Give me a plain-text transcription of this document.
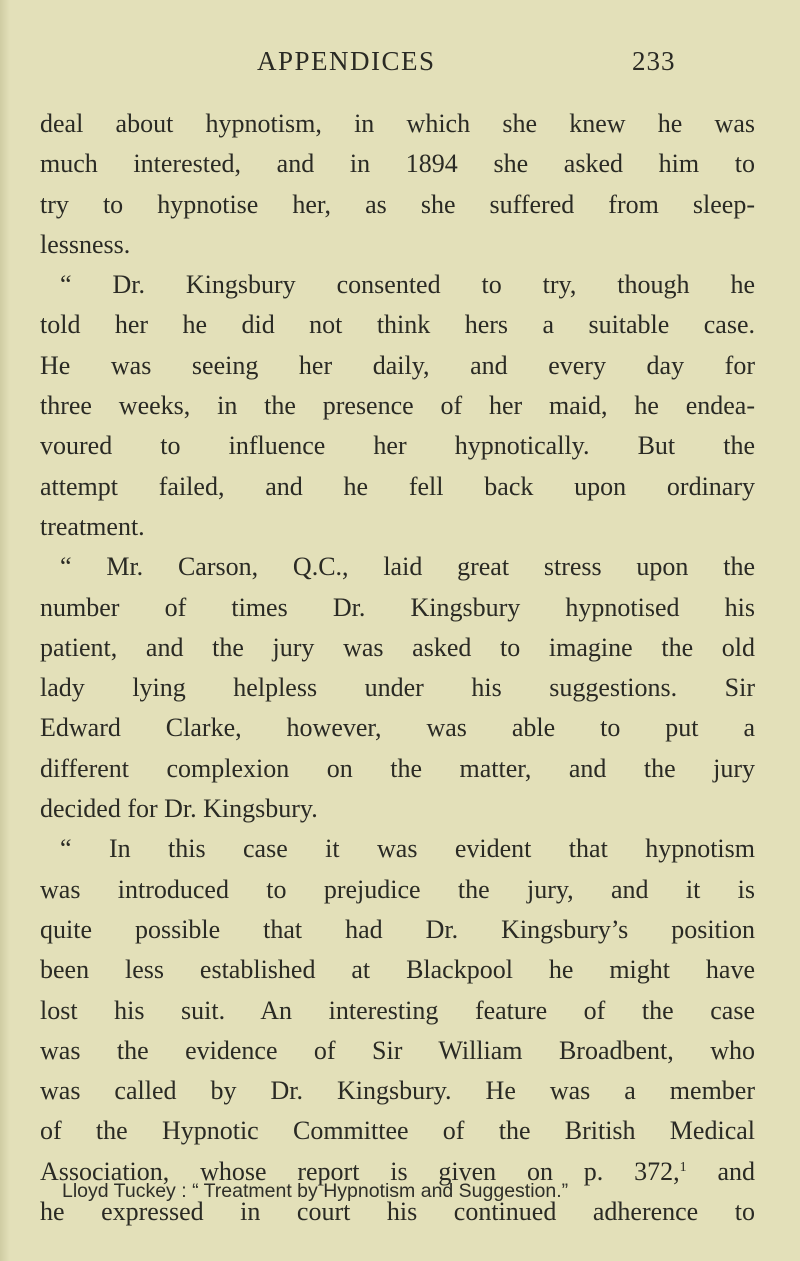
APPENDICES	233
deal about hypnotism, in which she knew he was
much interested, and in 1894 she asked him to
try to hypnotise her, as she suffered from sleep-
lessness.
“ Dr. Kingsbury consented to try, though he
told her he did not think hers a suitable case.
He was seeing her daily, and every day for
three weeks, in the presence of her maid, he endea-
voured to influence her hypnotically. But the
attempt failed, and he fell back upon ordinary
treatment.
“ Mr. Carson, Q.C., laid great stress upon the
number of times Dr. Kingsbury hypnotised his
patient, and the jury was asked to imagine the old
lady lying helpless under his suggestions. Sir
Edward Clarke, however, was able to put a
different complexion on the matter, and the jury
decided for Dr. Kingsbury.
“ In this case it was evident that hypnotism
was introduced to prejudice the jury, and it is
quite possible that had Dr. Kingsbury’s position
been less established at Blackpool he might have
lost his suit. An interesting feature of the case
was the evidence of Sir William Broadbent, who
was called by Dr. Kingsbury. He was a member
of the Hypnotic Committee of the British Medical
Association, whose report is given on p. 372,$^1$ and
he expressed in court his continued adherence to
Lloyd Tuckey : “ Treatment by Hypnotism and Suggestion.”
